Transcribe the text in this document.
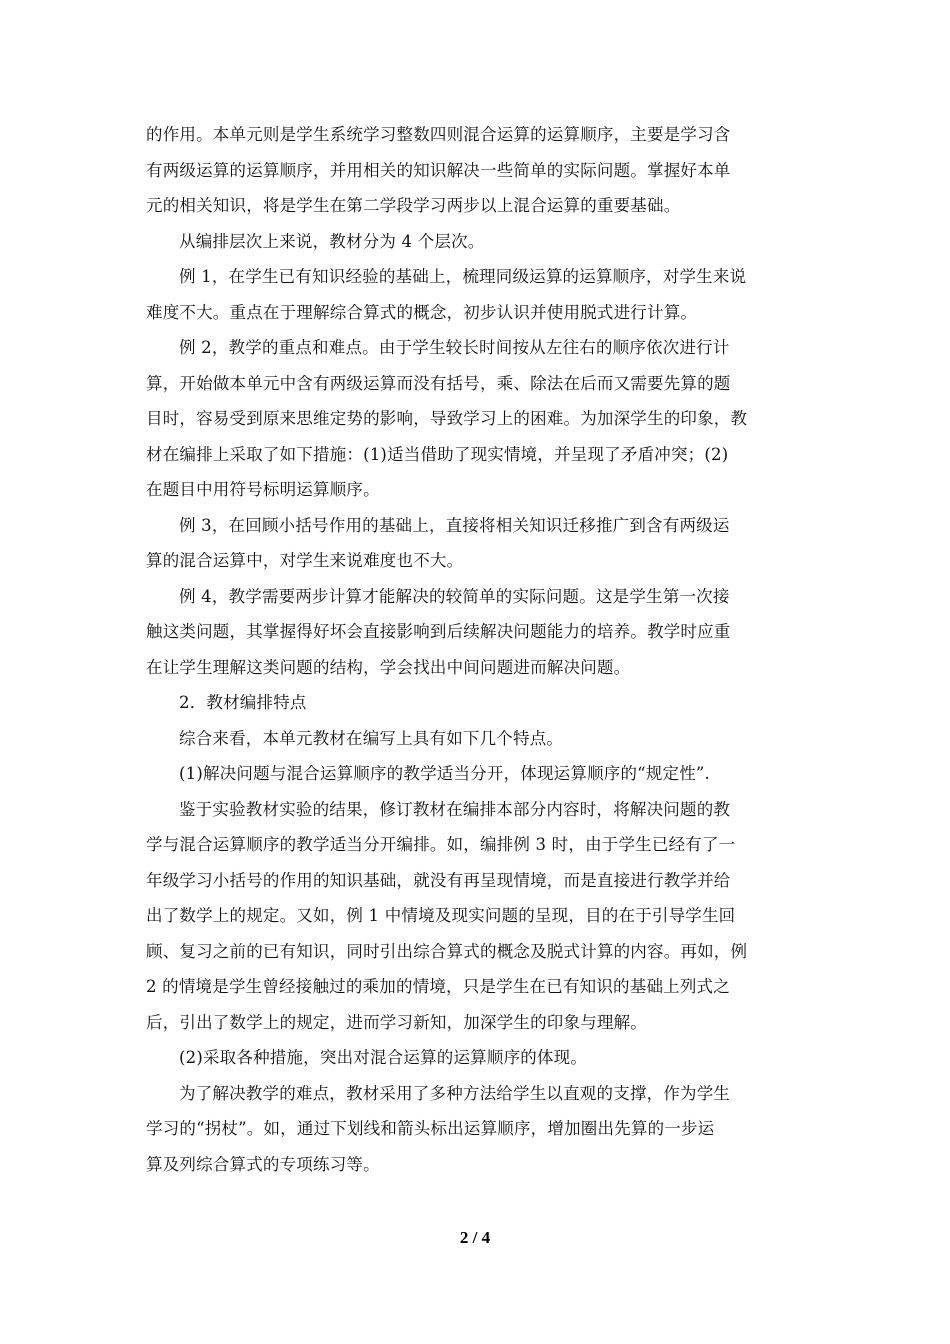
的作用。本单元则是学生系统学习整数四则混合运算的运算顺序，主要是学习含
有两级运算的运算顺序，并用相关的知识解决一些简单的实际问题。掌握好本单
元的相关知识，将是学生在第二学段学习两步以上混合运算的重要基础。
从编排层次上来说，教材分为 4 个层次。
例 1，在学生已有知识经验的基础上，梳理同级运算的运算顺序，对学生来说
难度不大。重点在于理解综合算式的概念，初步认识并使用脱式进行计算。
例 2，教学的重点和难点。由于学生较长时间按从左往右的顺序依次进行计
算，开始做本单元中含有两级运算而没有括号，乘、除法在后而又需要先算的题
目时，容易受到原来思维定势的影响，导致学习上的困难。为加深学生的印象，教
材在编排上采取了如下措施：(1)适当借助了现实情境，并呈现了矛盾冲突；(2)
在题目中用符号标明运算顺序。
例 3，在回顾小括号作用的基础上，直接将相关知识迁移推广到含有两级运
算的混合运算中，对学生来说难度也不大。
例 4，教学需要两步计算才能解决的较简单的实际问题。这是学生第一次接
触这类问题，其掌握得好坏会直接影响到后续解决问题能力的培养。教学时应重
在让学生理解这类问题的结构，学会找出中间问题进而解决问题。
2．教材编排特点
综合来看，本单元教材在编写上具有如下几个特点。
(1)解决问题与混合运算顺序的教学适当分开，体现运算顺序的“规定性”.
鉴于实验教材实验的结果，修订教材在编排本部分内容时，将解决问题的教
学与混合运算顺序的教学适当分开编排。如，编排例 3 时，由于学生已经有了一
年级学习小括号的作用的知识基础，就没有再呈现情境，而是直接进行教学并给
出了数学上的规定。又如，例 1 中情境及现实问题的呈现，目的在于引导学生回
顾、复习之前的已有知识，同时引出综合算式的概念及脱式计算的内容。再如，例
2 的情境是学生曾经接触过的乘加的情境，只是学生在已有知识的基础上列式之
后，引出了数学上的规定，进而学习新知，加深学生的印象与理解。
(2)采取各种措施，突出对混合运算的运算顺序的体现。
为了解决教学的难点，教材采用了多种方法给学生以直观的支撑，作为学生
学习的“拐杖”。如，通过下划线和箭头标出运算顺序，增加圈出先算的一步运
算及列综合算式的专项练习等。
2 / 4
